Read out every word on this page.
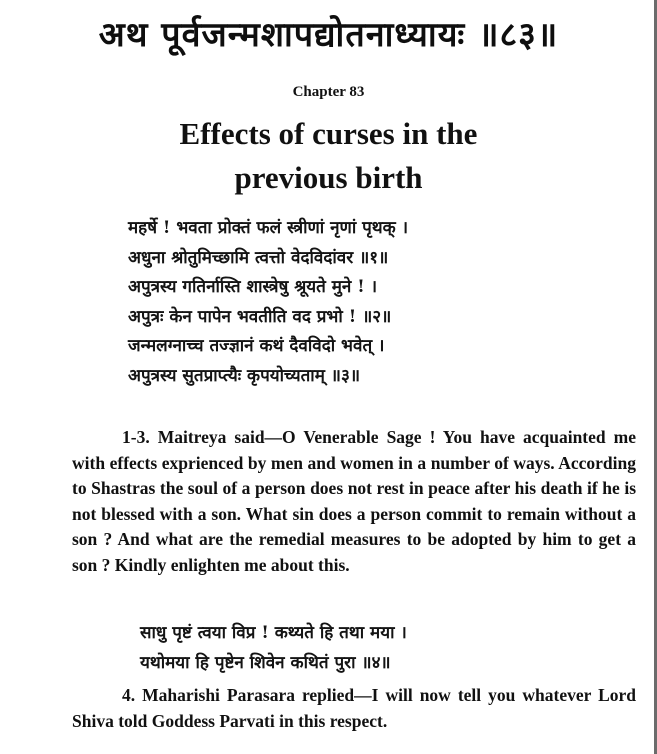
अथ पूर्वजन्मशापद्योतनाध्यायः ॥८३॥
Chapter 83
Effects of curses in the
previous birth
महर्षे ! भवता प्रोक्तं फलं स्त्रीणां नृणां पृथक् ।
अधुना श्रोतुमिच्छामि त्वत्तो वेदविदांवर ॥१॥
अपुत्रस्य गतिर्नास्ति शास्त्रेषु श्रूयते मुने ! ।
अपुत्रः केन पापेन भवतीति वद प्रभो ! ॥२॥
जन्मलग्नाच्च तज्ज्ञानं कथं दैवविदो भवेत् ।
अपुत्रस्य सुतप्राप्त्यैः कृपयोच्यताम् ॥३॥

1-3. Maitreya said—O Venerable Sage ! You have acquainted me with effects exprienced by men and women in a number of ways. According to Shastras the soul of a person does not rest in peace after his death if he is not blessed with a son. What sin does a person commit to remain without a son ? And what are the remedial measures to be adopted by him to get a son ? Kindly enlighten me about this.

साधु पृष्टं त्वया विप्र ! कथ्यते हि तथा मया ।
यथोमया हि पृष्टेन शिवेन कथितं पुरा ॥४॥

4. Maharishi Parasara replied—I will now tell you whatever Lord Shiva told Goddess Parvati in this respect.
